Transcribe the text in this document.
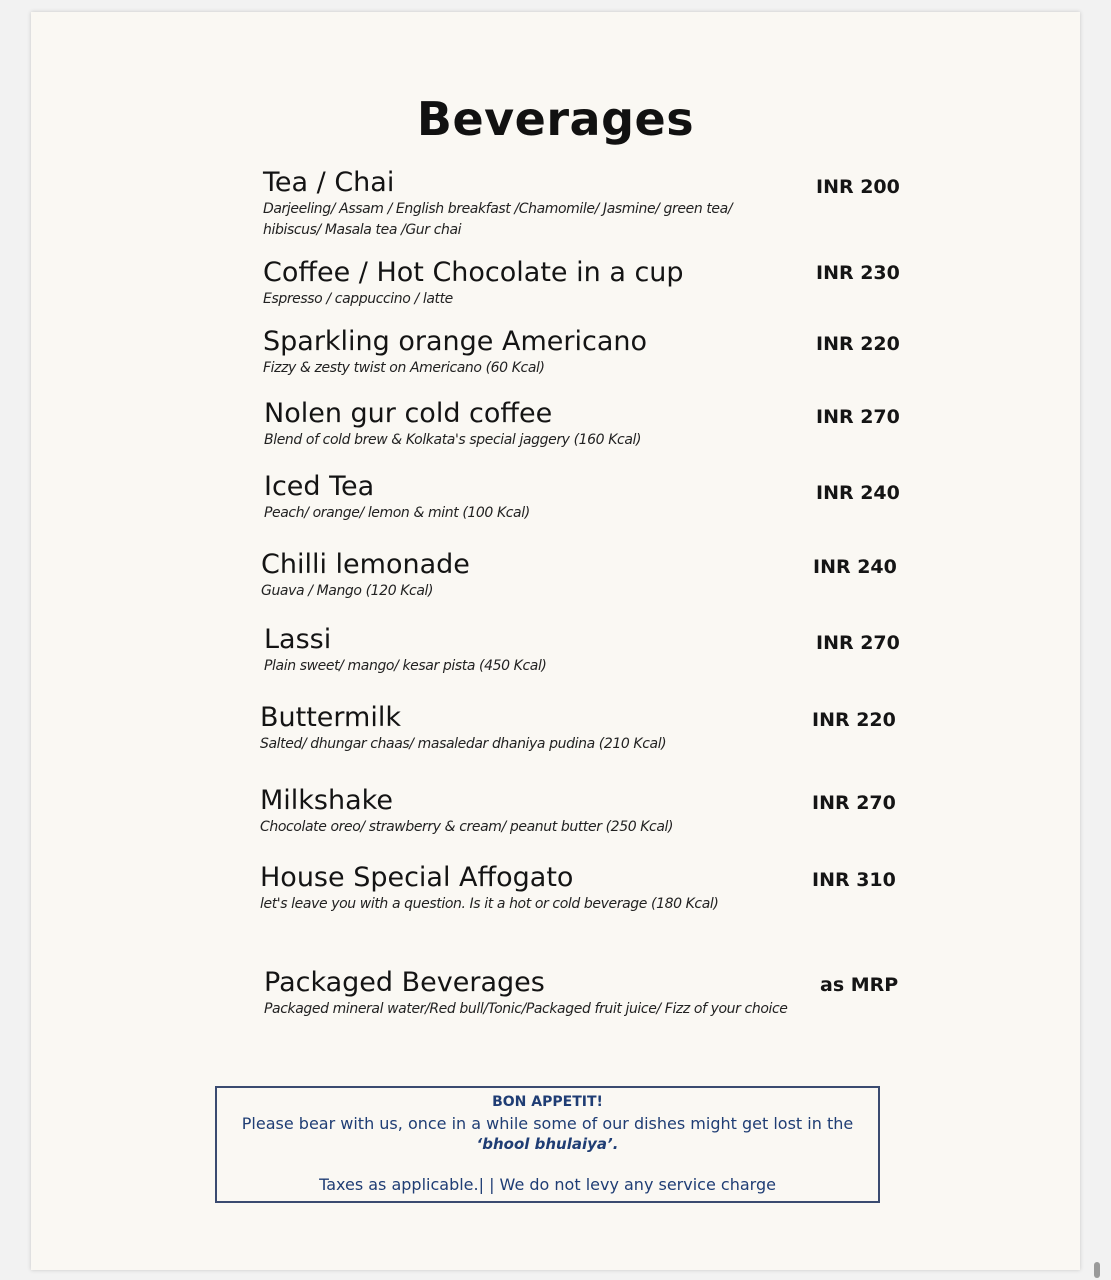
Beverages
Tea / Chai
Darjeeling/ Assam / English breakfast /Chamomile/ Jasmine/ green tea/ hibiscus/ Masala tea /Gur chai
INR 200
Coffee / Hot Chocolate in a cup
Espresso / cappuccino / latte
INR 230
Sparkling orange Americano
Fizzy & zesty twist on Americano (60 Kcal)
INR 220
Nolen gur cold coffee
Blend of cold brew & Kolkata's special jaggery (160 Kcal)
INR 270
Iced Tea
Peach/ orange/ lemon & mint (100 Kcal)
INR 240
Chilli lemonade
Guava / Mango (120 Kcal)
INR 240
Lassi
Plain sweet/ mango/ kesar pista (450 Kcal)
INR 270
Buttermilk
Salted/ dhungar chaas/ masaledar dhaniya pudina (210 Kcal)
INR 220
Milkshake
Chocolate oreo/ strawberry & cream/ peanut butter (250 Kcal)
INR 270
House Special Affogato
let's leave you with a question. Is it a hot or cold beverage (180 Kcal)
INR 310
Packaged Beverages
Packaged mineral water/Red bull/Tonic/Packaged fruit juice/ Fizz of your choice
as MRP
BON APPETIT!
Please bear with us, once in a while some of our dishes might get lost in the
‘bhool bhulaiya’.
Taxes as applicable.| | We do not levy any service charge
